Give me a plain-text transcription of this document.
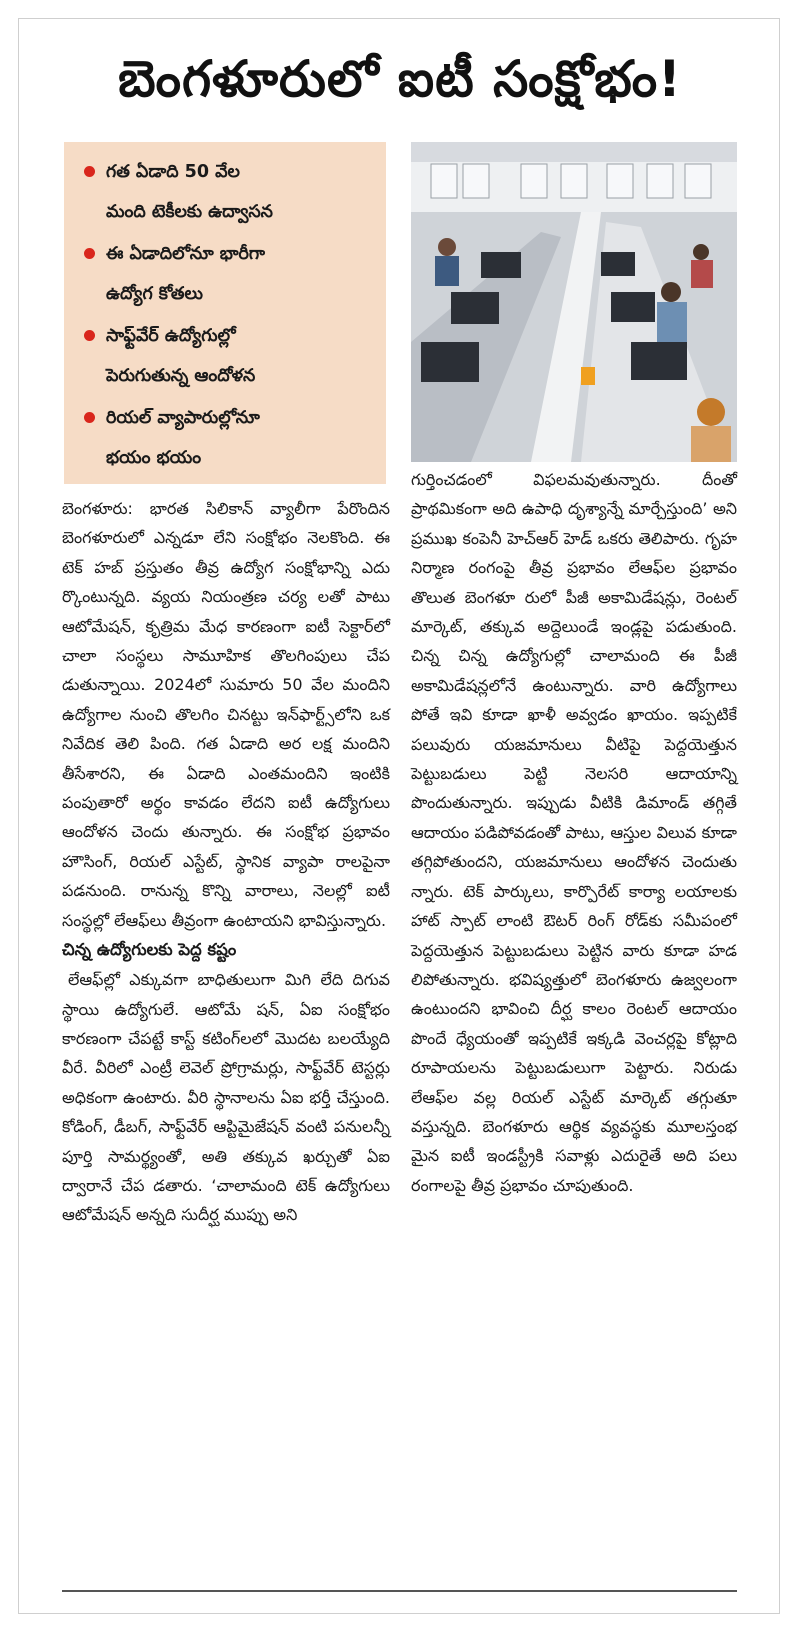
బెంగళూరులో ఐటీ సంక్షోభం!
గత ఏడాది 50 వేల
మంది టెకీలకు ఉద్వాసన
ఈ ఏడాదిలోనూ భారీగా
ఉద్యోగ కోతలు
సాఫ్ట్‌వేర్ ఉద్యోగుల్లో
పెరుగుతున్న ఆందోళన
రియల్ వ్యాపారుల్లోనూ
భయం భయం

బెంగళూరు: భారత సిలికాన్ వ్యాలీగా పేరొందిన బెంగళూరులో ఎన్నడూ లేని సంక్షోభం నెలకొంది. ఈ టెక్ హబ్ ప్రస్తుతం తీవ్ర ఉద్యోగ సంక్షోభాన్ని ఎదు ర్కొంటున్నది. వ్యయ నియంత్రణ చర్య లతో పాటు ఆటోమేషన్, కృత్రిమ మేధ కారణంగా ఐటీ సెక్టార్‌లో చాలా సంస్థలు సామూహిక తొలగింపులు చేప డుతున్నాయి. 2024లో సుమారు 50 వేల మందిని ఉద్యోగాల నుంచి తొలగిం చినట్టు ఇన్‌ఫార్ట్స్‌లోని ఒక నివేదిక తెలి పింది. గత ఏడాది అర లక్ష మందిని తీసేశారని, ఈ ఏడాది ఎంతమందిని ఇంటికి పంపుతారో అర్థం కావడం లేదని ఐటీ ఉద్యోగులు ఆందోళన చెందు తున్నారు. ఈ సంక్షోభ ప్రభావం హౌసింగ్, రియల్ ఎస్టేట్, స్థానిక వ్యాపా రాలపైనా పడనుంది. రానున్న కొన్ని వారాలు, నెలల్లో ఐటీ సంస్థల్లో లేఆఫ్‌లు తీవ్రంగా ఉంటాయని భావిస్తున్నారు.

చిన్న ఉద్యోగులకు పెద్ద కష్టం

లేఆఫ్‌ల్లో ఎక్కువగా బాధితులుగా మిగి లేది దిగువ స్థాయి ఉద్యోగులే. ఆటోమే షన్, ఏఐ సంక్షోభం కారణంగా చేపట్టే కాస్ట్ కటింగ్‌లలో మొదట బలయ్యేది వీరే. వీరిలో ఎంట్రీ లెవెల్ ప్రోగ్రామర్లు, సాఫ్ట్‌వేర్ టెస్టర్లు అధికంగా ఉంటారు. వీరి స్థానాలను ఏఐ భర్తీ చేస్తుంది. కోడింగ్, డీబగ్, సాఫ్ట్‌వేర్ ఆప్టిమైజేషన్ వంటి పనులన్నీ పూర్తి సామర్థ్యంతో, అతి తక్కువ ఖర్చుతో ఏఐ ద్వారానే చేప డతారు. ‘చాలామంది టెక్ ఉద్యోగులు ఆటోమేషన్ అన్నది సుదీర్ఘ ముప్పు అని

గుర్తించడంలో విఫలమవుతున్నారు. దీంతో ప్రాథమికంగా అది ఉపాధి దృశ్యాన్నే మార్చేస్తుంది’ అని ప్రముఖ కంపెనీ హెచ్‌ఆర్ హెడ్ ఒకరు తెలిపారు. గృహ నిర్మాణ రంగంపై తీవ్ర ప్రభావం లేఆఫ్‌ల ప్రభావం తొలుత బెంగళూ రులో పీజీ అకామిడేషన్లు, రెంటల్ మార్కెట్, తక్కువ అద్దెలుండే ఇండ్లపై పడుతుంది. చిన్న చిన్న ఉద్యోగుల్లో చాలామంది ఈ పీజీ అకామిడేషన్లలోనే ఉంటున్నారు. వారి ఉద్యోగాలు పోతే ఇవి కూడా ఖాళీ అవ్వడం ఖాయం. ఇప్పటికే పలువురు యజమానులు వీటిపై పెద్దయెత్తున పెట్టుబడులు పెట్టి నెలసరి ఆదాయాన్ని పొందుతున్నారు. ఇప్పుడు వీటికి డిమాండ్ తగ్గితే ఆదాయం పడిపోవడంతో పాటు, ఆస్తుల విలువ కూడా తగ్గిపోతుందని, యజమానులు ఆందోళన చెందుతు న్నారు. టెక్ పార్కులు, కార్పొరేట్ కార్యా లయాలకు హాట్ స్పాట్ లాంటి ఔటర్ రింగ్ రోడ్‌కు సమీపంలో పెద్దయెత్తున పెట్టుబడులు పెట్టిన వారు కూడా హడ లిపోతున్నారు. భవిష్యత్తులో బెంగళూరు ఉజ్వలంగా ఉంటుందని భావించి దీర్ఘ కాలం రెంటల్ ఆదాయం పొందే ధ్యేయంతో ఇప్పటికే ఇక్కడి వెంచర్లపై కోట్లాది రూపాయలను పెట్టుబడులుగా పెట్టారు. నిరుడు లేఆఫ్‌ల వల్ల రియల్ ఎస్టేట్ మార్కెట్ తగ్గుతూ వస్తున్నది. బెంగళూరు ఆర్థిక వ్యవస్థకు మూలస్తంభ మైన ఐటీ ఇండస్ట్రీకి సవాళ్లు ఎదురైతే అది పలు రంగాలపై తీవ్ర ప్రభావం చూపుతుంది.
